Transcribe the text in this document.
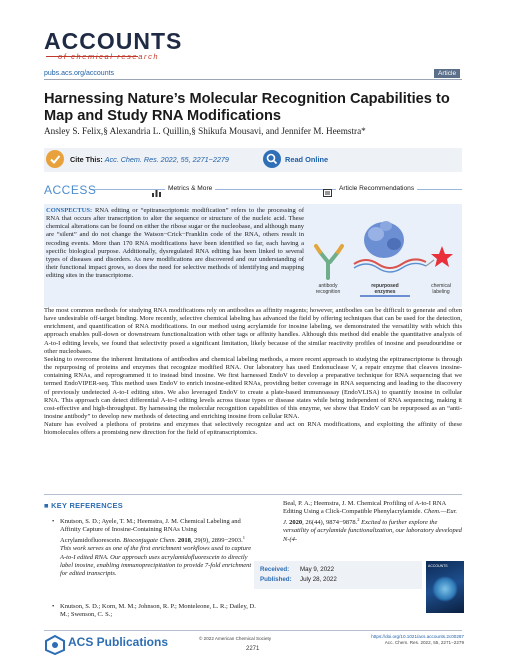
ACCOUNTS
of chemical research
pubs.acs.org/accounts	Article
Harnessing Nature’s Molecular Recognition Capabilities to Map and Study RNA Modifications
Ansley S. Felix,§ Alexandria L. Quillin,§ Shikufa Mousavi, and Jennifer M. Heemstra*
Cite This: Acc. Chem. Res. 2022, 55, 2271−2279	Read Online
ACCESS	Metrics & More	Article Recommendations
CONSPECTUS: RNA editing or “epitranscriptomic modification” refers to the processing of RNA that occurs after transcription to alter the sequence or structure of the nucleic acid. These chemical alterations can be found on either the ribose sugar or the nucleobase, and although many are “silent” and do not change the Watson−Crick−Franklin code of the RNA, others result in recoding events. More than 170 RNA modifications have been identified so far, each having a specific biological purpose. Additionally, dysregulated RNA editing has been linked to several types of diseases and disorders. As new modifications are discovered and our understanding of their functional impact grows, so does the need for selective methods of identifying and mapping editing sites in the transcriptome.
antibody recognition
repurposed enzymes
chemical labeling

The most common methods for studying RNA modifications rely on antibodies as affinity reagents; however, antibodies can be difficult to generate and often have undesirable off-target binding. More recently, selective chemical labeling has advanced the field by offering techniques that can be used for the detection, enrichment, and quantification of RNA modifications. In our method using acrylamide for inosine labeling, we demonstrated the versatility with which this approach enables pull-down or downstream functionalization with other tags or affinity handles. Although this method did enable the quantitative analysis of A-to-I editing levels, we found that selectivity posed a significant limitation, likely because of the similar reactivity profiles of inosine and pseudouridine or other nucleobases.

Seeking to overcome the inherent limitations of antibodies and chemical labeling methods, a more recent approach to studying the epitranscriptome is through the repurposing of proteins and enzymes that recognize modified RNA. Our laboratory has used Endonuclease V, a repair enzyme that cleaves inosine-containing RNAs, and reprogrammed it to instead bind inosine. We first harnessed EndoV to develop a preparative technique for RNA sequencing that we termed EndoVIPER-seq. This method uses EndoV to enrich inosine-edited RNAs, providing better coverage in RNA sequencing and leading to the discovery of previously undetected A-to-I editing sites. We also leveraged EndoV to create a plate-based immunoassay (EndoVLISA) to quantify inosine in cellular RNA. This approach can detect differential A-to-I editing levels across tissue types or disease states while being independent of RNA sequencing, making it cost-effective and high-throughput. By harnessing the molecular recognition capabilities of this enzyme, we show that EndoV can be repurposed as an “anti-inosine antibody” to develop new methods of detecting and enriching inosine from cellular RNA.

Nature has evolved a plethora of proteins and enzymes that selectively recognize and act on RNA modifications, and exploiting the affinity of these biomolecules offers a promising new direction for the field of epitranscriptomics.

■ KEY REFERENCES
• Knutson, S. D.; Ayele, T. M.; Heemstra, J. M. Chemical Labeling and Affinity Capture of Inosine-Containing RNAs Using Acrylamidofluorescein. Bioconjugate Chem. 2018, 29(9), 2899−2903.$^1$ This work serves as one of the first enrichment workflows used to capture A-to-I edited RNA. Our approach uses acrylamidofluorescein to directly label inosine, enabling immunoprecipitation to provide 7-fold enrichment for edited transcripts.
• Knutson, S. D.; Korn, M. M.; Johnson, R. P.; Monteleone, L. R.; Dailey, D. M.; Swenson, C. S.;
Beal, P. A.; Heemstra, J. M. Chemical Profiling of A-to-I RNA Editing Using a Click-Compatible Phenylacrylamide. Chem.—Eur. J. 2020, 26(44), 9874−9878.$^2$ Excited to further explore the versatility of acrylamide functionalization, our laboratory developed N-(4-
Received: May 9, 2022
Published: July 28, 2022
ACCOUNTS
ACS Publications	© 2022 American Chemical Society
2271
https://doi.org/10.1021/acs.accounts.2c00287
Acc. Chem. Res. 2022, 55, 2271−2279
